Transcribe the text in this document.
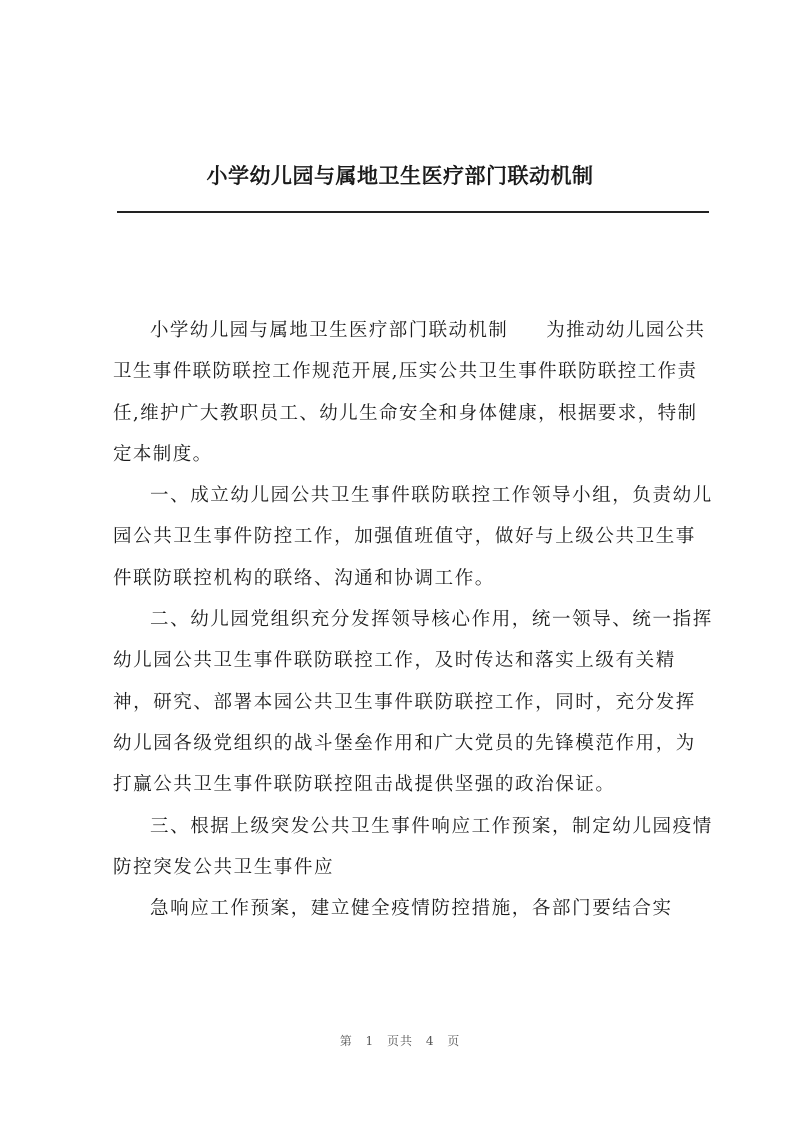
小学幼儿园与属地卫生医疗部门联动机制

小学幼儿园与属地卫生医疗部门联动机制 为推动幼儿园公共卫生事件联防联控工作规范开展,压实公共卫生事件联防联控工作责任,维护广大教职员工、幼儿生命安全和身体健康，根据要求，特制定本制度。

一、成立幼儿园公共卫生事件联防联控工作领导小组，负责幼儿园公共卫生事件防控工作，加强值班值守，做好与上级公共卫生事件联防联控机构的联络、沟通和协调工作。

二、幼儿园党组织充分发挥领导核心作用，统一领导、统一指挥幼儿园公共卫生事件联防联控工作，及时传达和落实上级有关精神，研究、部署本园公共卫生事件联防联控工作，同时，充分发挥幼儿园各级党组织的战斗堡垒作用和广大党员的先锋模范作用，为打赢公共卫生事件联防联控阻击战提供坚强的政治保证。

三、根据上级突发公共卫生事件响应工作预案，制定幼儿园疫情防控突发公共卫生事件应

急响应工作预案，建立健全疫情防控措施，各部门要结合实

第 1 页共 4 页
